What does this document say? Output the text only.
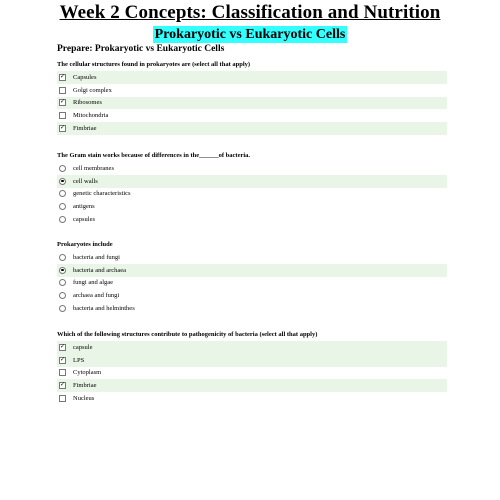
Week 2 Concepts: Classification and Nutrition
Prokaryotic vs Eukaryotic Cells
Prepare: Prokaryotic vs Eukaryotic Cells
The cellular structures found in prokaryotes are (select all that apply)
✓
Capsules
Golgi complex
✓
Ribosomes
Mitochondria
✓
Fimbriae
The Gram stain works because of differences in the______of bacteria.
cell membranes
cell walls
genetic characteristics
antigens
capsules
Prokaryotes include
bacteria and fungi
bacteria and archaea
fungi and algae
archaea and fungi
bacteria and helminthes
Which of the following structures contribute to pathogenicity of bacteria (select all that apply)
✓
capsule
✓
LPS
Cytoplasm
✓
Fimbriae
Nucleus
